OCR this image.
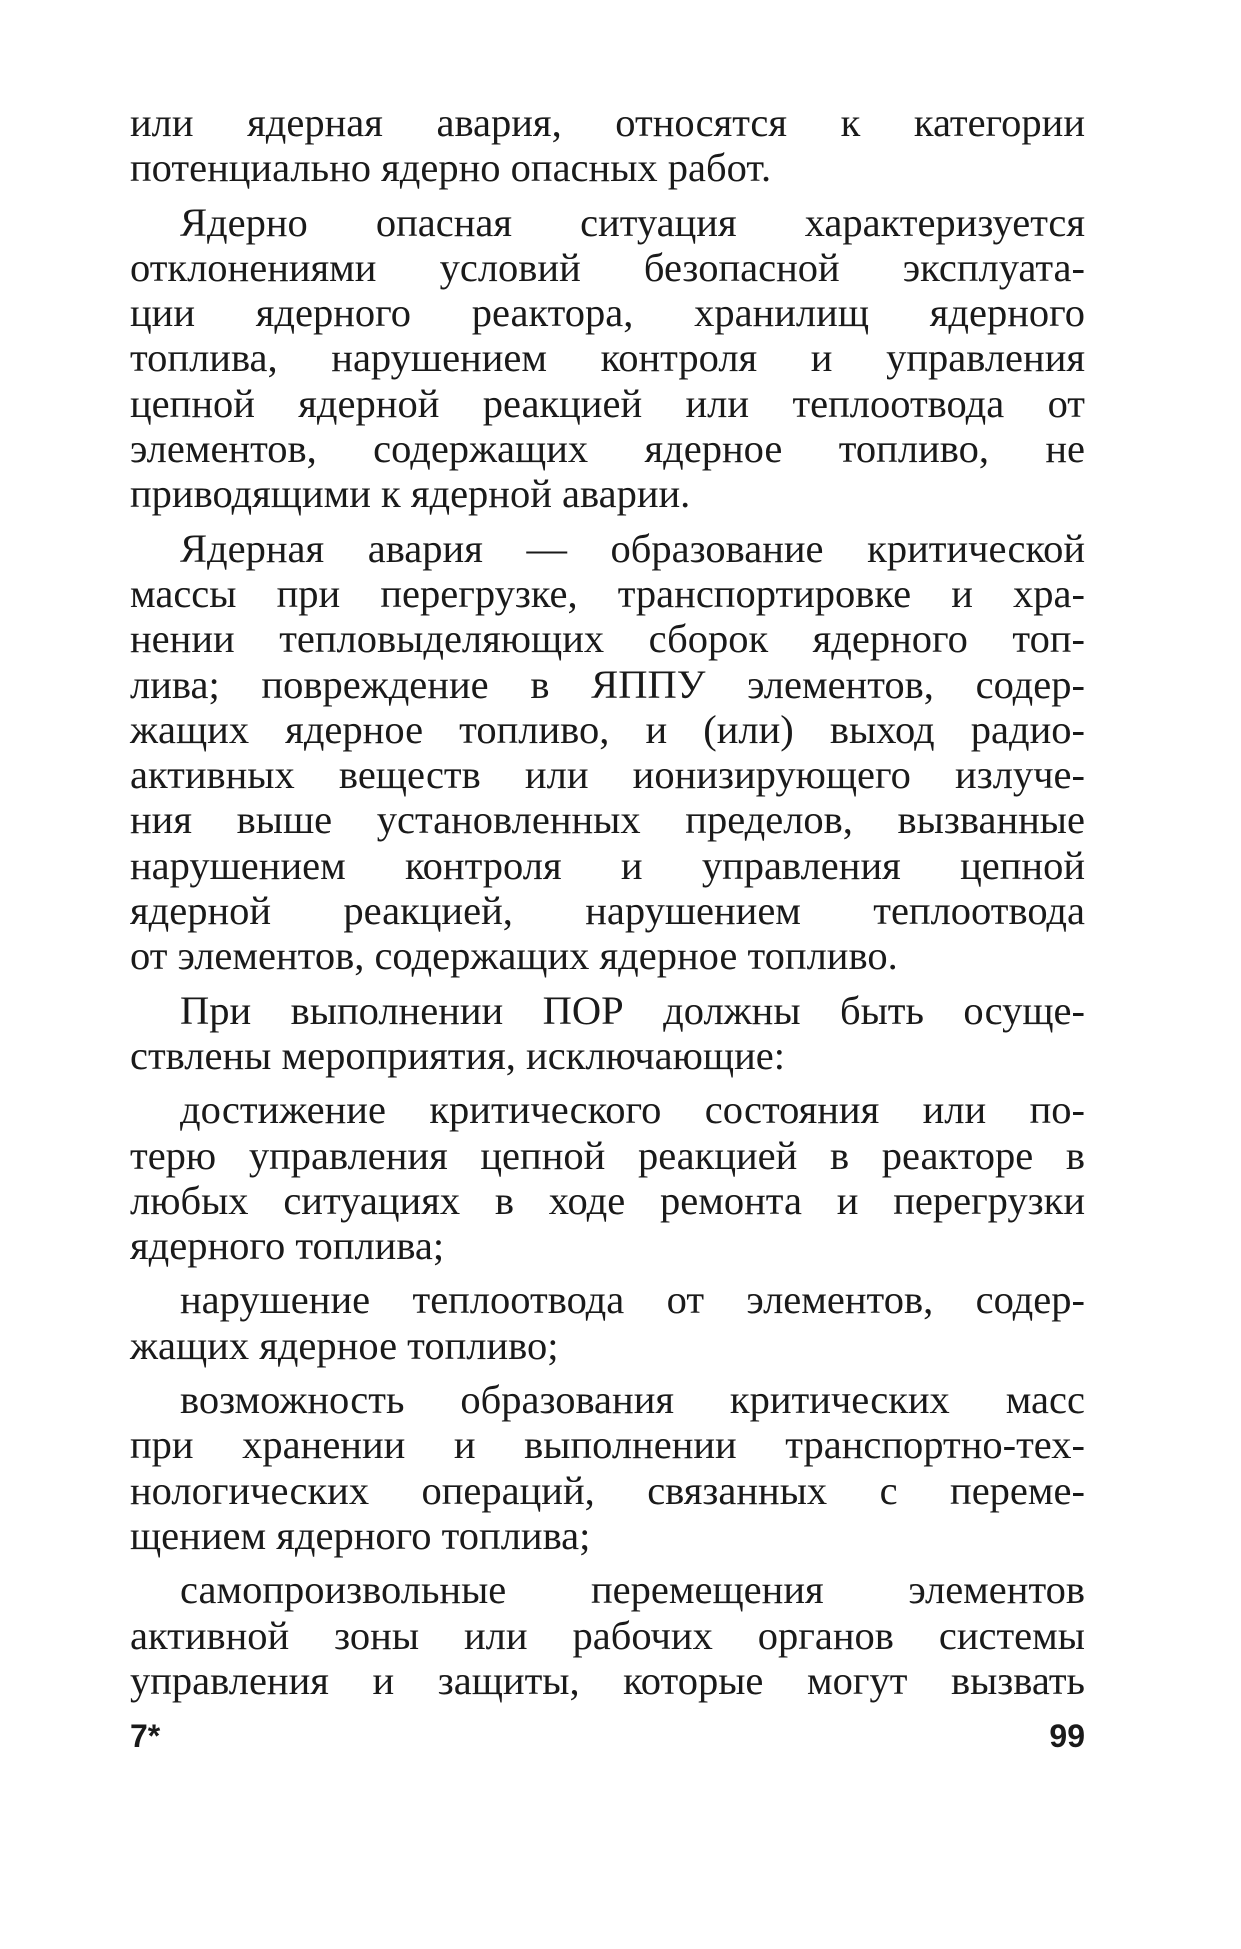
или ядерная авария, относятся к категории
потенциально ядерно опасных работ.
Ядерно опасная ситуация характеризуется
отклонениями условий безопасной эксплуата-
ции ядерного реактора, хранилищ ядерного
топлива, нарушением контроля и управления
цепной ядерной реакцией или теплоотвода от
элементов, содержащих ядерное топливо, не
приводящими к ядерной аварии.
Ядерная авария — образование критической
массы при перегрузке, транспортировке и хра-
нении тепловыделяющих сборок ядерного топ-
лива; повреждение в ЯППУ элементов, содер-
жащих ядерное топливо, и (или) выход радио-
активных веществ или ионизирующего излуче-
ния выше установленных пределов, вызванные
нарушением контроля и управления цепной
ядерной реакцией, нарушением теплоотвода
от элементов, содержащих ядерное топливо.
При выполнении ПОР должны быть осуще-
ствлены мероприятия, исключающие:
достижение критического состояния или по-
терю управления цепной реакцией в реакторе в
любых ситуациях в ходе ремонта и перегрузки
ядерного топлива;
нарушение теплоотвода от элементов, содер-
жащих ядерное топливо;
возможность образования критических масс
при хранении и выполнении транспортно-тех-
нологических операций, связанных с переме-
щением ядерного топлива;
самопроизвольные перемещения элементов
активной зоны или рабочих органов системы
управления и защиты, которые могут вызвать
7*	99
